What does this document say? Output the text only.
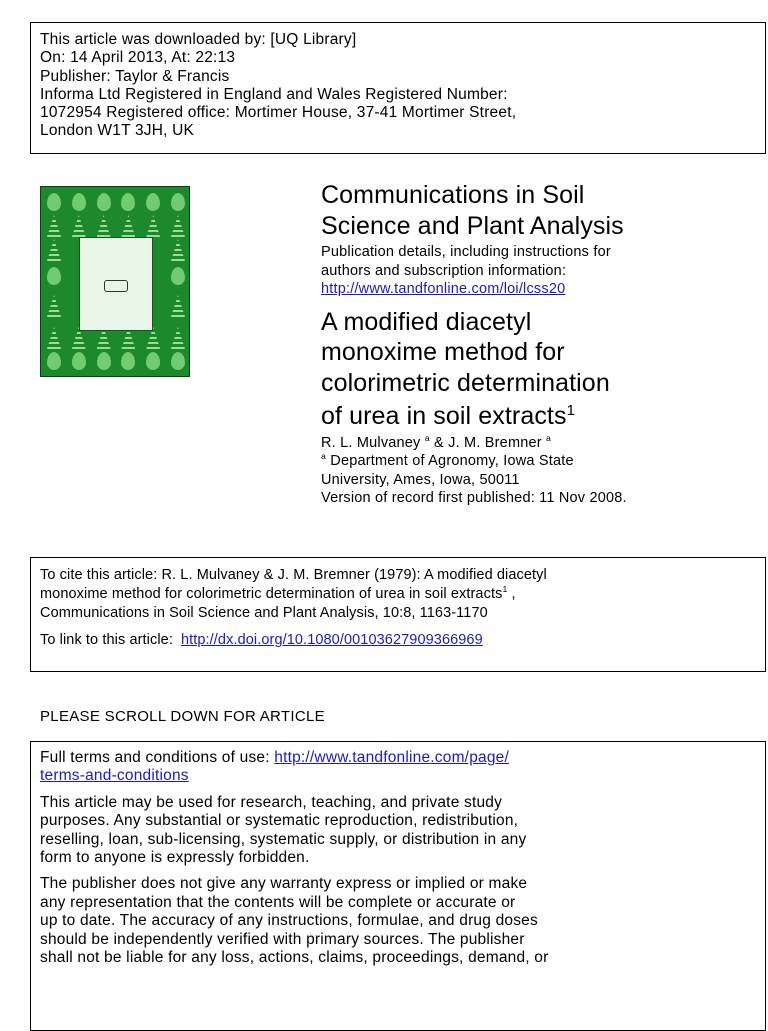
This article was downloaded by: [UQ Library]
On: 14 April 2013, At: 22:13
Publisher: Taylor & Francis
Informa Ltd Registered in England and Wales Registered Number:
1072954 Registered office: Mortimer House, 37-41 Mortimer Street,
London W1T 3JH, UK

Communications in Soil
Science and Plant Analysis
Publication details, including instructions for
authors and subscription information:
http://www.tandfonline.com/loi/lcss20
A modified diacetyl
monoxime method for
colorimetric determination
of urea in soil extracts$^1$
R. L. Mulvaney $^a$ & J. M. Bremner $^a$
$^a$ Department of Agronomy, Iowa State
University, Ames, Iowa, 50011
Version of record first published: 11 Nov 2008.
To cite this article: R. L. Mulvaney & J. M. Bremner (1979): A modified diacetyl
monoxime method for colorimetric determination of urea in soil extracts$^1$ ,
Communications in Soil Science and Plant Analysis, 10:8, 1163-1170
To link to this article: http://dx.doi.org/10.1080/00103627909366969
PLEASE SCROLL DOWN FOR ARTICLE

Full terms and conditions of use: http://www.tandfonline.com/page/
terms-and-conditions

This article may be used for research, teaching, and private study
purposes. Any substantial or systematic reproduction, redistribution,
reselling, loan, sub-licensing, systematic supply, or distribution in any
form to anyone is expressly forbidden.

The publisher does not give any warranty express or implied or make
any representation that the contents will be complete or accurate or
up to date. The accuracy of any instructions, formulae, and drug doses
should be independently verified with primary sources. The publisher
shall not be liable for any loss, actions, claims, proceedings, demand, or
